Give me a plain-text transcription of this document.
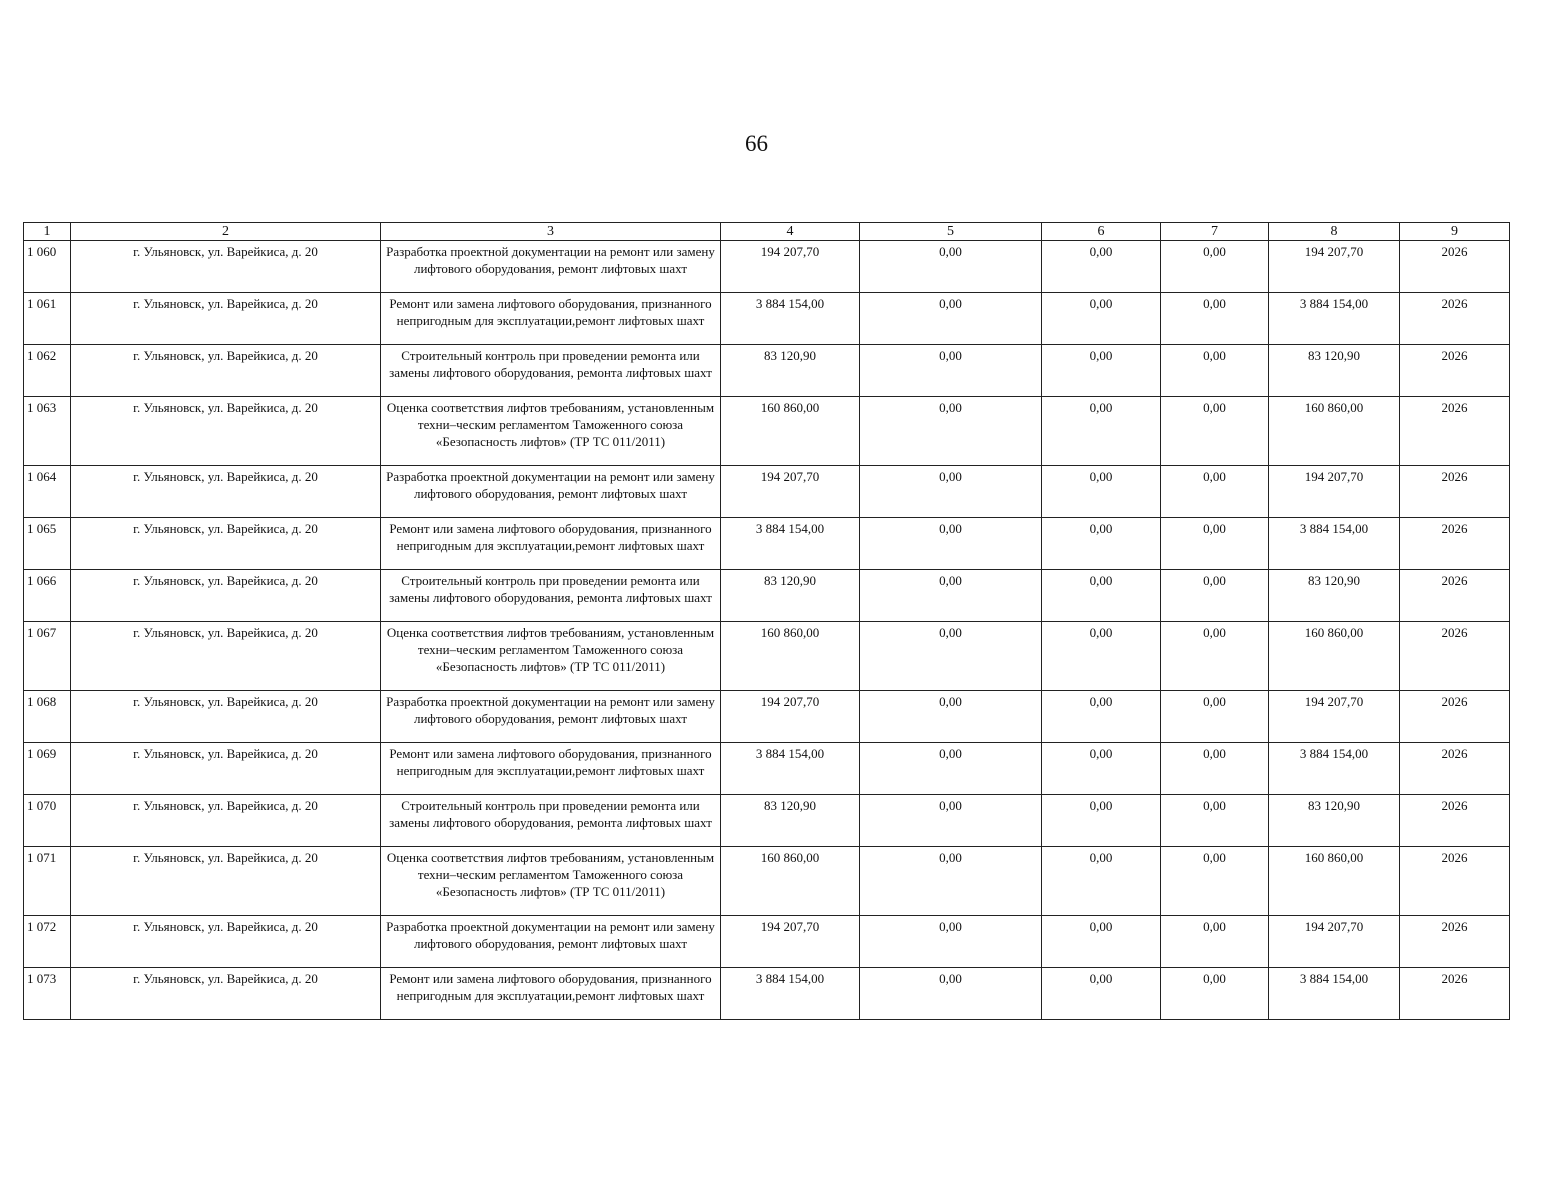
66
1	2	3	4	5	6	7	8	9
1 060	г. Ульяновск, ул. Варейкиса, д. 20	Разработка проектной документации на ремонт или замену лифтового оборудования, ремонт лифтовых шахт	194 207,70	0,00	0,00	0,00	194 207,70	2026
1 061	г. Ульяновск, ул. Варейкиса, д. 20	Ремонт или замена лифтового оборудования, признанного непригодным для эксплуатации,ремонт лифтовых шахт	3 884 154,00	0,00	0,00	0,00	3 884 154,00	2026
1 062	г. Ульяновск, ул. Варейкиса, д. 20	Строительный контроль при проведении ремонта или замены лифтового оборудования, ремонта лифтовых шахт	83 120,90	0,00	0,00	0,00	83 120,90	2026
1 063	г. Ульяновск, ул. Варейкиса, д. 20	Оценка соответствия лифтов требованиям, установленным техни–ческим регламентом Таможенного союза «Безопасность лифтов» (ТР ТС 011/2011)	160 860,00	0,00	0,00	0,00	160 860,00	2026
1 064	г. Ульяновск, ул. Варейкиса, д. 20	Разработка проектной документации на ремонт или замену лифтового оборудования, ремонт лифтовых шахт	194 207,70	0,00	0,00	0,00	194 207,70	2026
1 065	г. Ульяновск, ул. Варейкиса, д. 20	Ремонт или замена лифтового оборудования, признанного непригодным для эксплуатации,ремонт лифтовых шахт	3 884 154,00	0,00	0,00	0,00	3 884 154,00	2026
1 066	г. Ульяновск, ул. Варейкиса, д. 20	Строительный контроль при проведении ремонта или замены лифтового оборудования, ремонта лифтовых шахт	83 120,90	0,00	0,00	0,00	83 120,90	2026
1 067	г. Ульяновск, ул. Варейкиса, д. 20	Оценка соответствия лифтов требованиям, установленным техни–ческим регламентом Таможенного союза «Безопасность лифтов» (ТР ТС 011/2011)	160 860,00	0,00	0,00	0,00	160 860,00	2026
1 068	г. Ульяновск, ул. Варейкиса, д. 20	Разработка проектной документации на ремонт или замену лифтового оборудования, ремонт лифтовых шахт	194 207,70	0,00	0,00	0,00	194 207,70	2026
1 069	г. Ульяновск, ул. Варейкиса, д. 20	Ремонт или замена лифтового оборудования, признанного непригодным для эксплуатации,ремонт лифтовых шахт	3 884 154,00	0,00	0,00	0,00	3 884 154,00	2026
1 070	г. Ульяновск, ул. Варейкиса, д. 20	Строительный контроль при проведении ремонта или замены лифтового оборудования, ремонта лифтовых шахт	83 120,90	0,00	0,00	0,00	83 120,90	2026
1 071	г. Ульяновск, ул. Варейкиса, д. 20	Оценка соответствия лифтов требованиям, установленным техни–ческим регламентом Таможенного союза «Безопасность лифтов» (ТР ТС 011/2011)	160 860,00	0,00	0,00	0,00	160 860,00	2026
1 072	г. Ульяновск, ул. Варейкиса, д. 20	Разработка проектной документации на ремонт или замену лифтового оборудования, ремонт лифтовых шахт	194 207,70	0,00	0,00	0,00	194 207,70	2026
1 073	г. Ульяновск, ул. Варейкиса, д. 20	Ремонт или замена лифтового оборудования, признанного непригодным для эксплуатации,ремонт лифтовых шахт	3 884 154,00	0,00	0,00	0,00	3 884 154,00	2026
